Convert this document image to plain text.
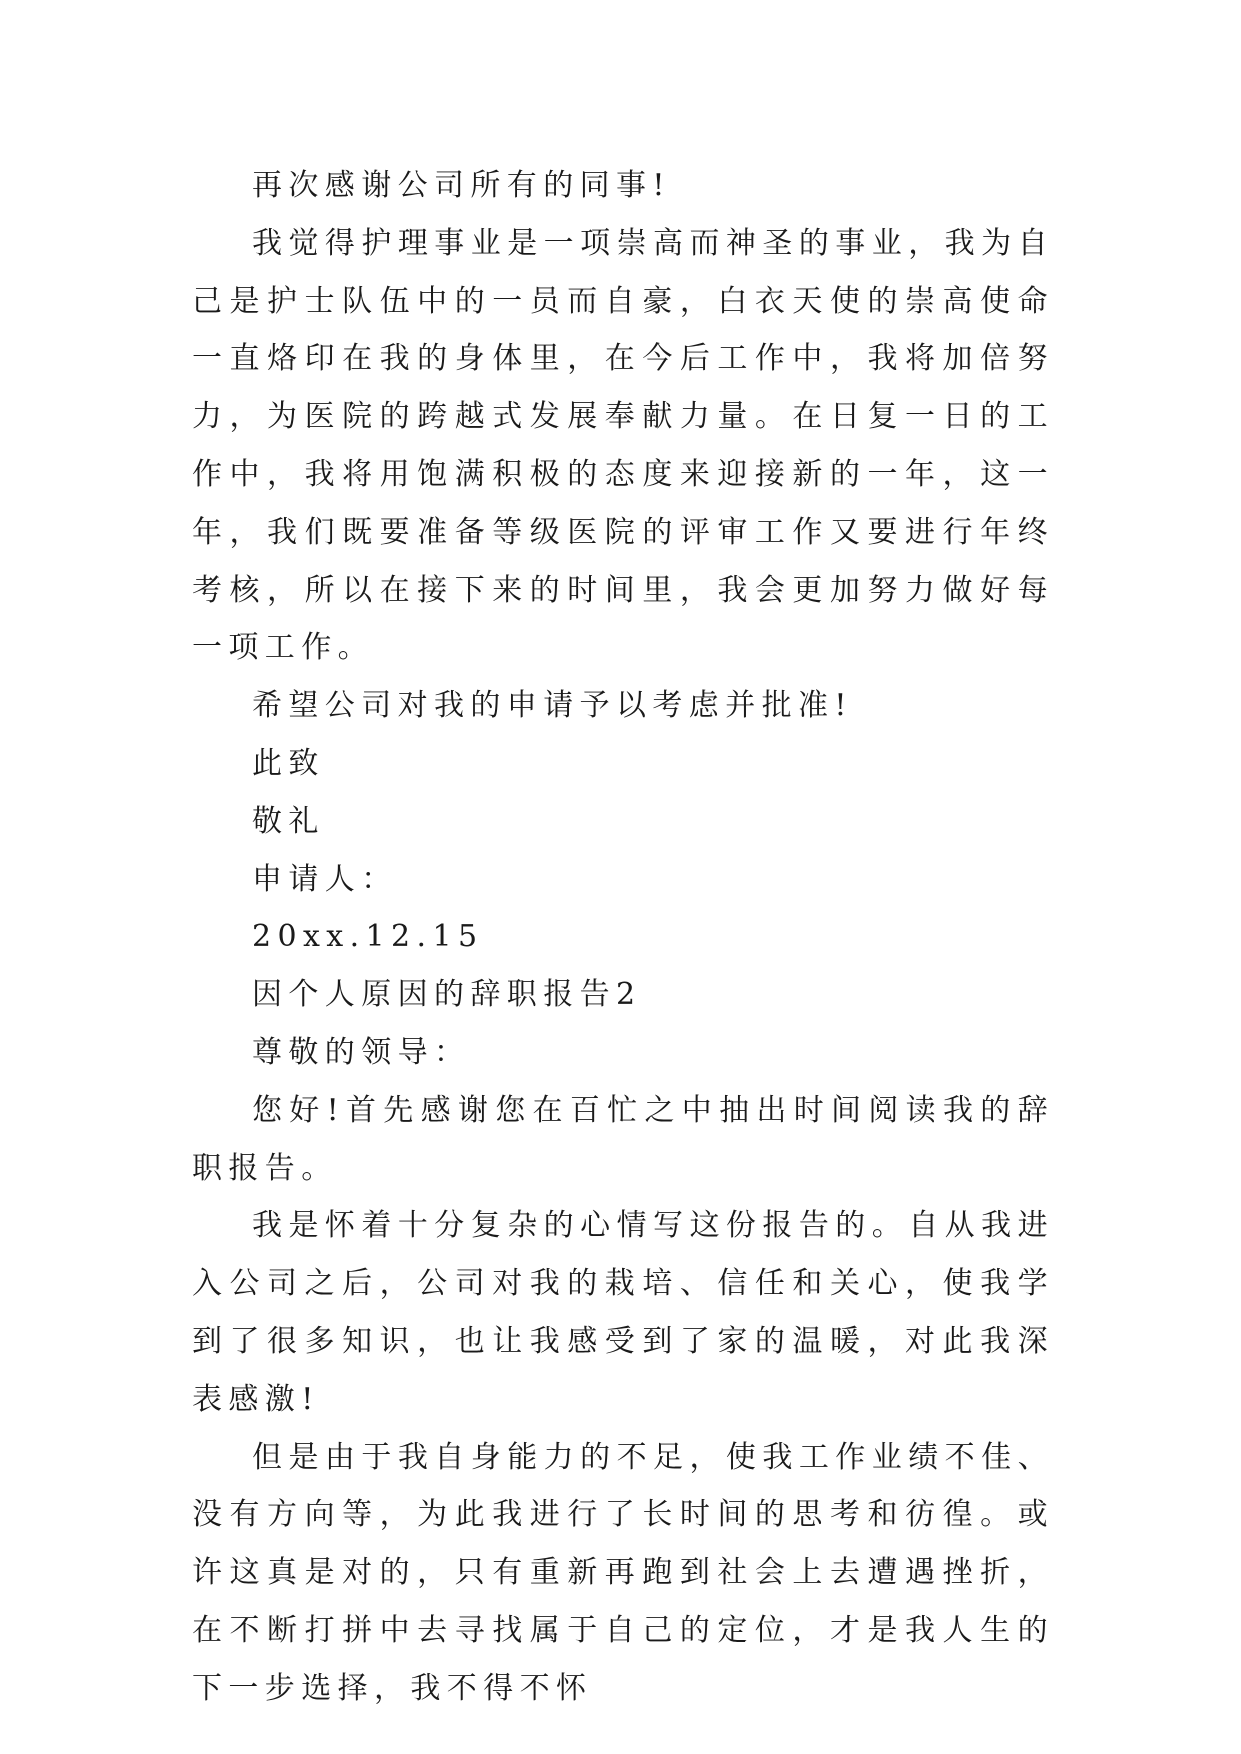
再次感谢公司所有的同事!

我觉得护理事业是一项崇高而神圣的事业，我为自己是护士队伍中的一员而自豪，白衣天使的崇高使命一直烙印在我的身体里，在今后工作中，我将加倍努力，为医院的跨越式发展奉献力量。在日复一日的工作中，我将用饱满积极的态度来迎接新的一年，这一年，我们既要准备等级医院的评审工作又要进行年终考核，所以在接下来的时间里，我会更加努力做好每一项工作。

希望公司对我的申请予以考虑并批准!

此致

敬礼

申请人：

20xx.12.15

因个人原因的辞职报告2

尊敬的领导：

您好!首先感谢您在百忙之中抽出时间阅读我的辞职报告。

我是怀着十分复杂的心情写这份报告的。自从我进入公司之后，公司对我的栽培、信任和关心，使我学到了很多知识，也让我感受到了家的温暖，对此我深表感激!

但是由于我自身能力的不足，使我工作业绩不佳、没有方向等，为此我进行了长时间的思考和彷徨。或许这真是对的，只有重新再跑到社会上去遭遇挫折，在不断打拼中去寻找属于自己的定位，才是我人生的下一步选择，我不得不怀
